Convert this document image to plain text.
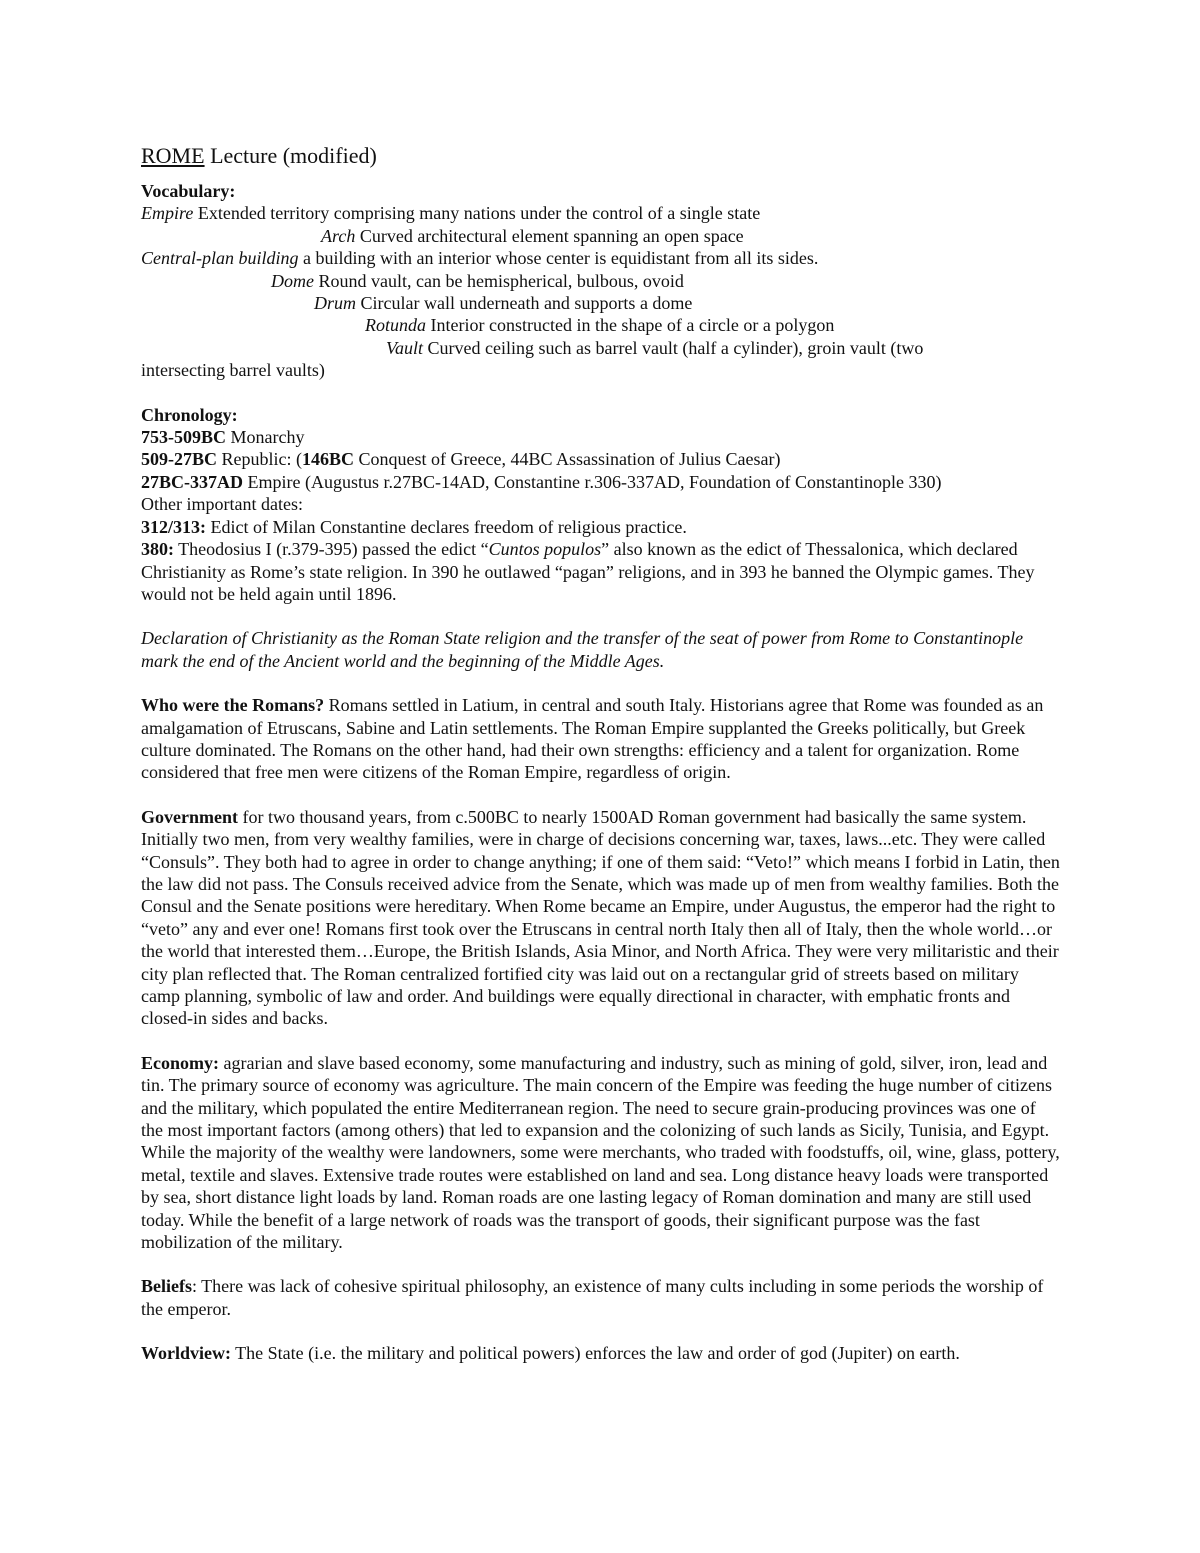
ROME Lecture (modified)
Vocabulary:
Empire Extended territory comprising many nations under the control of a single state
Arch Curved architectural element spanning an open space
Central-plan building a building with an interior whose center is equidistant from all its sides.
Dome Round vault, can be hemispherical, bulbous, ovoid
Drum Circular wall underneath and supports a dome
Rotunda Interior constructed in the shape of a circle or a polygon
Vault Curved ceiling such as barrel vault (half a cylinder), groin vault (two
intersecting barrel vaults)
Chronology:
753-509BC Monarchy
509-27BC Republic: (146BC Conquest of Greece, 44BC Assassination of Julius Caesar)
27BC-337AD Empire (Augustus r.27BC-14AD, Constantine r.306-337AD, Foundation of Constantinople 330)
Other important dates:
312/313: Edict of Milan Constantine declares freedom of religious practice.

380: Theodosius I (r.379-395) passed the edict “Cuntos populos” also known as the edict of Thessalonica, which declared Christianity as Rome’s state religion. In 390 he outlawed “pagan” religions, and in 393 he banned the Olympic games. They would not be held again until 1896.

Declaration of Christianity as the Roman State religion and the transfer of the seat of power from Rome to Constantinople mark the end of the Ancient world and the beginning of the Middle Ages.

Who were the Romans? Romans settled in Latium, in central and south Italy. Historians agree that Rome was founded as an amalgamation of Etruscans, Sabine and Latin settlements. The Roman Empire supplanted the Greeks politically, but Greek culture dominated. The Romans on the other hand, had their own strengths: efficiency and a talent for organization. Rome considered that free men were citizens of the Roman Empire, regardless of origin.

Government for two thousand years, from c.500BC to nearly 1500AD Roman government had basically the same system. Initially two men, from very wealthy families, were in charge of decisions concerning war, taxes, laws...etc. They were called “Consuls”. They both had to agree in order to change anything; if one of them said: “Veto!” which means I forbid in Latin, then the law did not pass. The Consuls received advice from the Senate, which was made up of men from wealthy families. Both the Consul and the Senate positions were hereditary. When Rome became an Empire, under Augustus, the emperor had the right to “veto” any and ever one! Romans first took over the Etruscans in central north Italy then all of Italy, then the whole world…or the world that interested them…Europe, the British Islands, Asia Minor, and North Africa. They were very militaristic and their city plan reflected that. The Roman centralized fortified city was laid out on a rectangular grid of streets based on military camp planning, symbolic of law and order. And buildings were equally directional in character, with emphatic fronts and closed-in sides and backs.

Economy: agrarian and slave based economy, some manufacturing and industry, such as mining of gold, silver, iron, lead and tin. The primary source of economy was agriculture. The main concern of the Empire was feeding the huge number of citizens and the military, which populated the entire Mediterranean region. The need to secure grain-producing provinces was one of the most important factors (among others) that led to expansion and the colonizing of such lands as Sicily, Tunisia, and Egypt. While the majority of the wealthy were landowners, some were merchants, who traded with foodstuffs, oil, wine, glass, pottery, metal, textile and slaves. Extensive trade routes were established on land and sea. Long distance heavy loads were transported by sea, short distance light loads by land. Roman roads are one lasting legacy of Roman domination and many are still used today. While the benefit of a large network of roads was the transport of goods, their significant purpose was the fast mobilization of the military.

Beliefs: There was lack of cohesive spiritual philosophy, an existence of many cults including in some periods the worship of the emperor.

Worldview: The State (i.e. the military and political powers) enforces the law and order of god (Jupiter) on earth.
